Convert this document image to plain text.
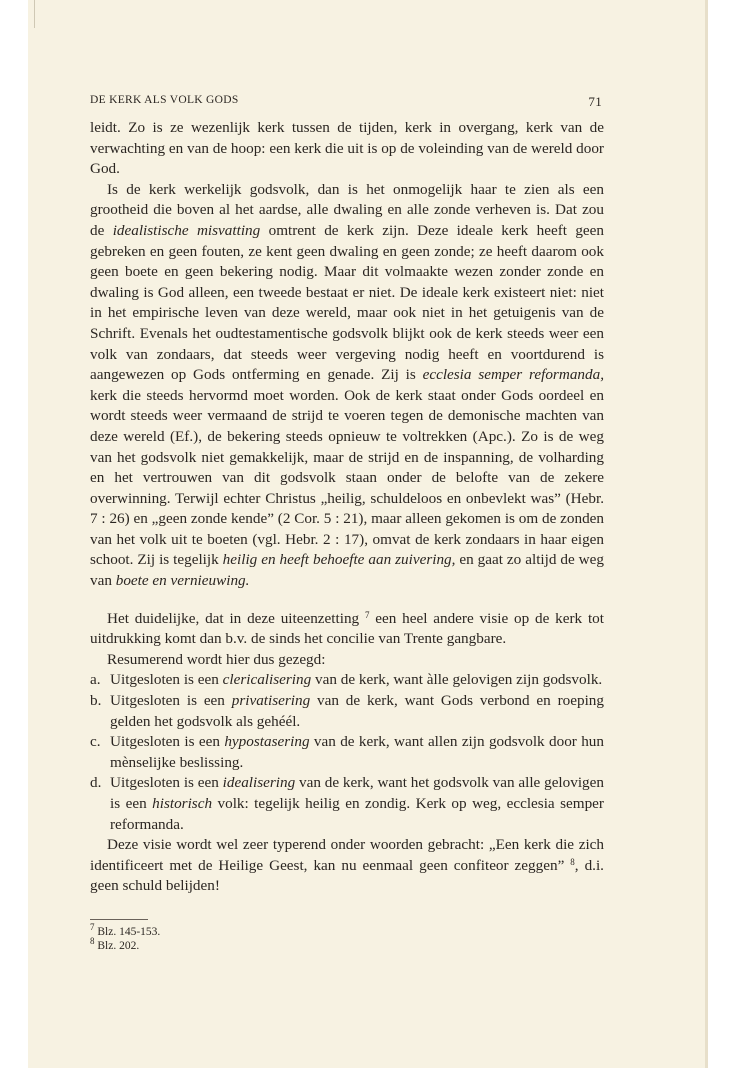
DE KERK ALS VOLK GODS	71

leidt. Zo is ze wezenlijk kerk tussen de tijden, kerk in overgang, kerk van de verwachting en van de hoop: een kerk die uit is op de voleinding van de wereld door God.

Is de kerk werkelijk godsvolk, dan is het onmogelijk haar te zien als een grootheid die boven al het aardse, alle dwaling en alle zonde verheven is. Dat zou de idealistische misvatting omtrent de kerk zijn. Deze ideale kerk heeft geen gebreken en geen fouten, ze kent geen dwaling en geen zonde; ze heeft daarom ook geen boete en geen bekering nodig. Maar dit volmaakte wezen zonder zonde en dwaling is God alleen, een tweede bestaat er niet. De ideale kerk existeert niet: niet in het empirische leven van deze wereld, maar ook niet in het getuigenis van de Schrift. Evenals het oudtestamentische godsvolk blijkt ook de kerk steeds weer een volk van zondaars, dat steeds weer vergeving nodig heeft en voortdurend is aangewezen op Gods ontferming en genade. Zij is ecclesia semper reformanda, kerk die steeds hervormd moet worden. Ook de kerk staat onder Gods oordeel en wordt steeds weer vermaand de strijd te voeren tegen de demonische machten van deze wereld (Ef.), de bekering steeds opnieuw te voltrekken (Apc.). Zo is de weg van het godsvolk niet gemakkelijk, maar de strijd en de inspanning, de volharding en het vertrouwen van dit godsvolk staan onder de belofte van de zekere overwinning. Terwijl echter Christus „heilig, schuldeloos en onbevlekt was” (Hebr. 7 : 26) en „geen zonde kende” (2 Cor. 5 : 21), maar alleen gekomen is om de zonden van het volk uit te boeten (vgl. Hebr. 2 : 17), omvat de kerk zondaars in haar eigen schoot. Zij is tegelijk heilig en heeft behoefte aan zuivering, en gaat zo altijd de weg van boete en vernieuwing.

Het duidelijke, dat in deze uiteenzetting $^7$ een heel andere visie op de kerk tot uitdrukking komt dan b.v. de sinds het concilie van Trente gangbare.

Resumerend wordt hier dus gezegd:

a. Uitgesloten is een clericalisering van de kerk, want àlle gelovigen zijn godsvolk.
b. Uitgesloten is een privatisering van de kerk, want Gods verbond en roeping gelden het godsvolk als gehéél.
c. Uitgesloten is een hypostasering van de kerk, want allen zijn godsvolk door hun mènselijke beslissing.
d. Uitgesloten is een idealisering van de kerk, want het godsvolk van alle gelovigen is een historisch volk: tegelijk heilig en zondig. Kerk op weg, ecclesia semper reformanda.

Deze visie wordt wel zeer typerend onder woorden gebracht: „Een kerk die zich identificeert met de Heilige Geest, kan nu eenmaal geen confiteor zeggen” $^8$, d.i. geen schuld belijden!

$^7$ Blz. 145-153.
$^8$ Blz. 202.
